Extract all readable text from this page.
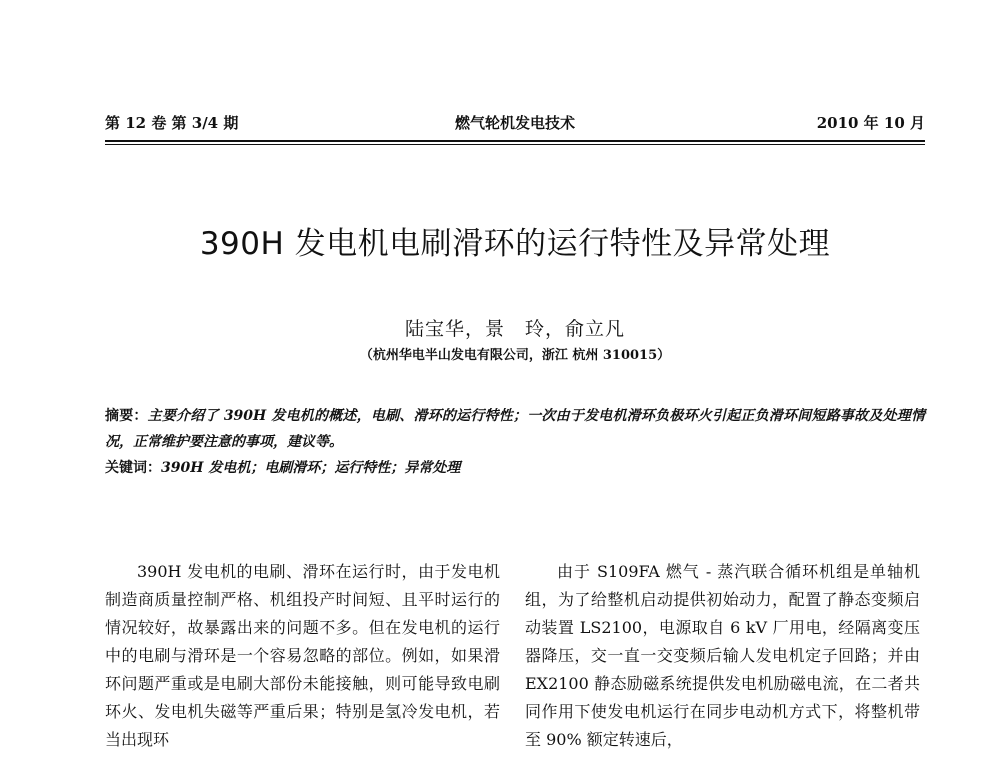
第 12 卷 第 3/4 期	燃气轮机发电技术	2010 年 10 月
390H 发电机电刷滑环的运行特性及异常处理
陆宝华，景　玲，俞立凡
（杭州华电半山发电有限公司，浙江 杭州 310015）
摘要：主要介绍了 390H 发电机的概述，电刷、滑环的运行特性；一次由于发电机滑环负极环火引起正负滑环间短路事故及处理情况，正常维护要注意的事项，建议等。
关键词：390H 发电机；电刷滑环；运行特性；异常处理

390H 发电机的电刷、滑环在运行时，由于发电机制造商质量控制严格、机组投产时间短、且平时运行的情况较好，故暴露出来的问题不多。但在发电机的运行中的电刷与滑环是一个容易忽略的部位。例如，如果滑环问题严重或是电刷大部份未能接触，则可能导致电刷环火、发电机失磁等严重后果；特别是氢冷发电机，若当出现环

由于 S109FA 燃气 - 蒸汽联合循环机组是单轴机组，为了给整机启动提供初始动力，配置了静态变频启动装置 LS2100，电源取自 6 kV 厂用电，经隔离变压器降压，交一直一交变频后输人发电机定子回路；并由 EX2100 静态励磁系统提供发电机励磁电流，在二者共同作用下使发电机运行在同步电动机方式下，将整机带至 90% 额定转速后，
